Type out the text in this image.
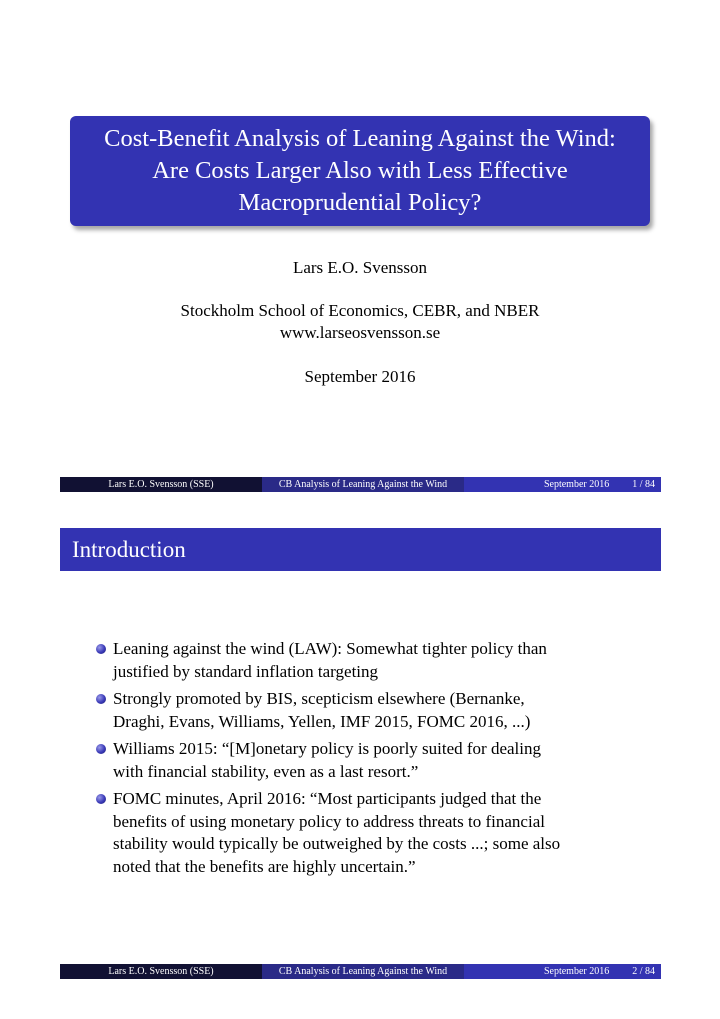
Cost-Benefit Analysis of Leaning Against the Wind:
Are Costs Larger Also with Less Effective
Macroprudential Policy?
Lars E.O. Svensson
Stockholm School of Economics, CEBR, and NBER
www.larseosvensson.se
September 2016
Lars E.O. Svensson (SSE)	CB Analysis of Leaning Against the Wind	September 2016 1 / 84
Introduction
Leaning against the wind (LAW): Somewhat tighter policy than
justified by standard inflation targeting
Strongly promoted by BIS, scepticism elsewhere (Bernanke,
Draghi, Evans, Williams, Yellen, IMF 2015, FOMC 2016, ...)
Williams 2015: “[M]onetary policy is poorly suited for dealing
with financial stability, even as a last resort.”
FOMC minutes, April 2016: “Most participants judged that the
benefits of using monetary policy to address threats to financial
stability would typically be outweighed by the costs ...; some also
noted that the benefits are highly uncertain.”
Lars E.O. Svensson (SSE)	CB Analysis of Leaning Against the Wind	September 2016 2 / 84
